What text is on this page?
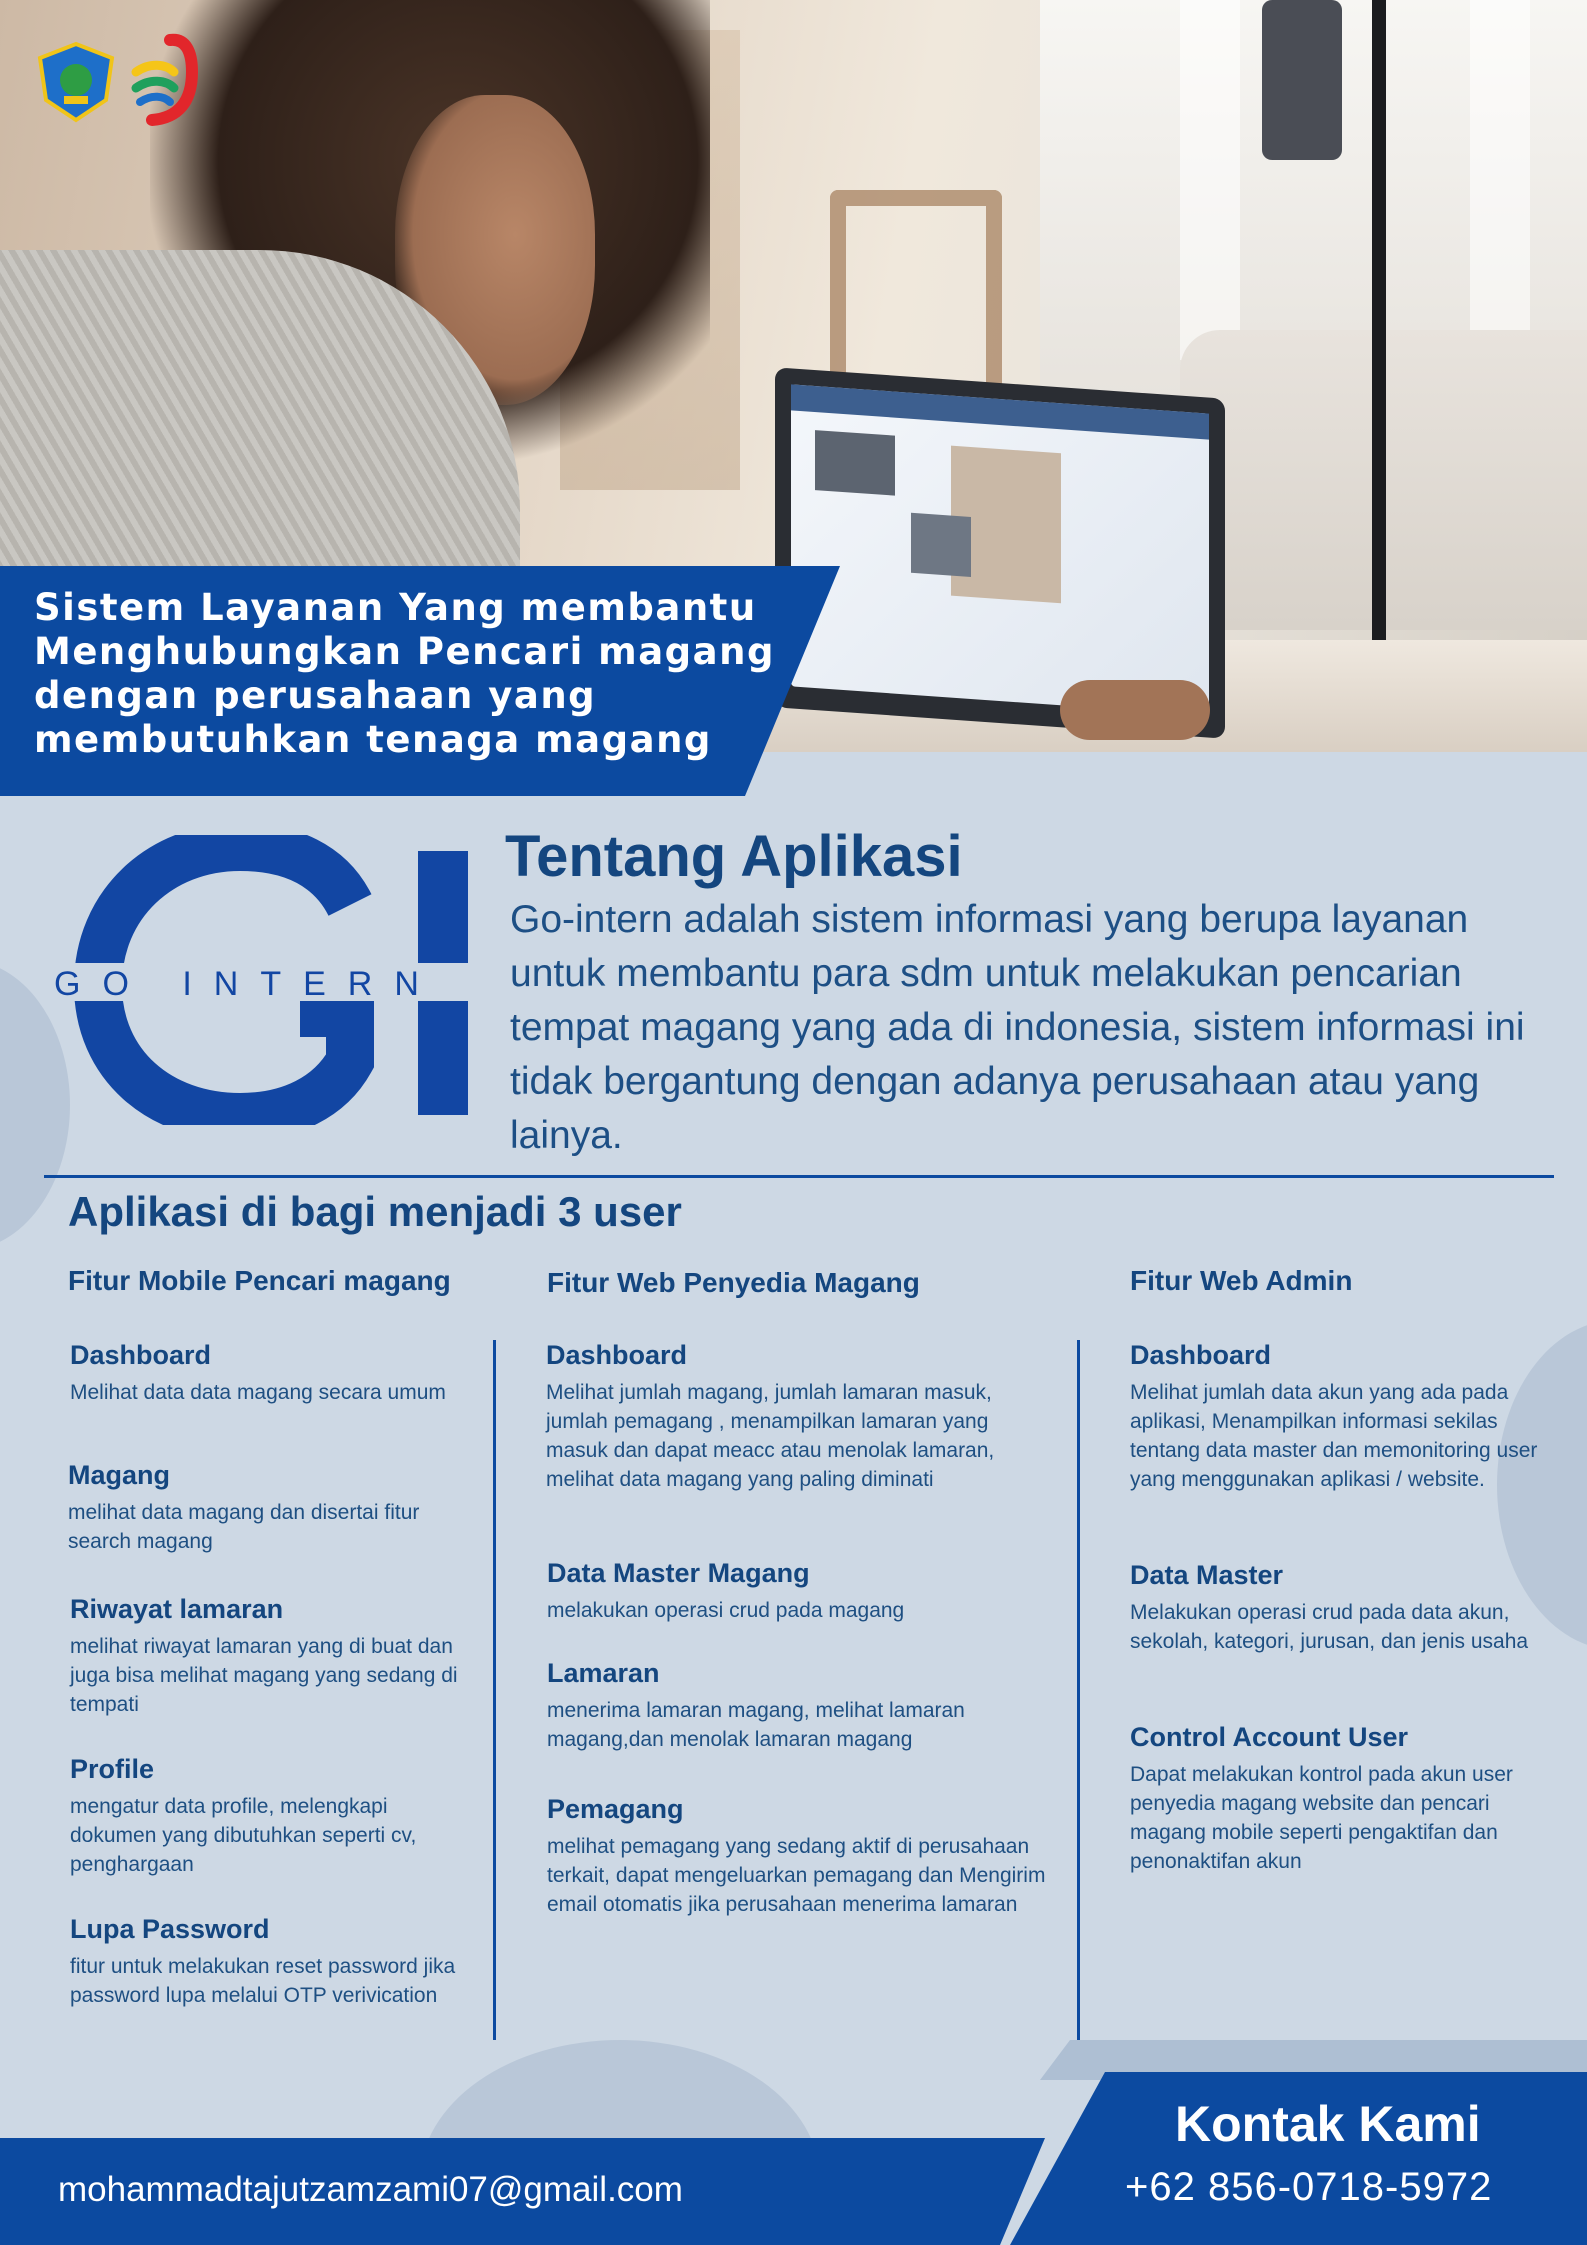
Sistem Layanan Yang membantu Menghubungkan Pencari magang dengan perusahaan yang membutuhkan tenaga magang

GO INTERN
Tentang Aplikasi

Go-intern adalah sistem informasi yang berupa layanan untuk membantu para sdm untuk melakukan pencarian tempat magang yang ada di indonesia, sistem informasi ini tidak bergantung dengan adanya perusahaan atau yang lainya.

Aplikasi di bagi menjadi 3 user
Fitur Mobile Pencari magang
Dashboard

Melihat data data magang secara umum

Magang

melihat data magang dan disertai fitur search magang

Riwayat lamaran

melihat riwayat lamaran yang di buat dan juga bisa melihat magang yang sedang di tempati

Profile

mengatur data profile, melengkapi dokumen yang dibutuhkan seperti cv, penghargaan

Lupa Password

fitur untuk melakukan reset password jika password lupa melalui OTP verivication

Fitur Web Penyedia Magang
Dashboard

Melihat jumlah magang, jumlah lamaran masuk, jumlah pemagang , menampilkan lamaran yang masuk dan dapat meacc atau menolak lamaran, melihat data magang yang paling diminati

Data Master Magang

melakukan operasi crud pada magang

Lamaran

menerima lamaran magang, melihat lamaran magang,dan menolak lamaran magang

Pemagang

melihat pemagang yang sedang aktif di perusahaan terkait, dapat mengeluarkan pemagang dan Mengirim email otomatis jika perusahaan menerima lamaran

Fitur Web Admin
Dashboard

Melihat jumlah data akun yang ada pada aplikasi, Menampilkan informasi sekilas tentang data master dan memonitoring user yang menggunakan aplikasi / website.

Data Master

Melakukan operasi crud pada data akun, sekolah, kategori, jurusan, dan jenis usaha

Control Account User

Dapat melakukan kontrol pada akun user penyedia magang website dan pencari magang mobile seperti pengaktifan dan penonaktifan akun

mohammadtajutzamzami07@gmail.com

Kontak Kami

+62 856-0718-5972
